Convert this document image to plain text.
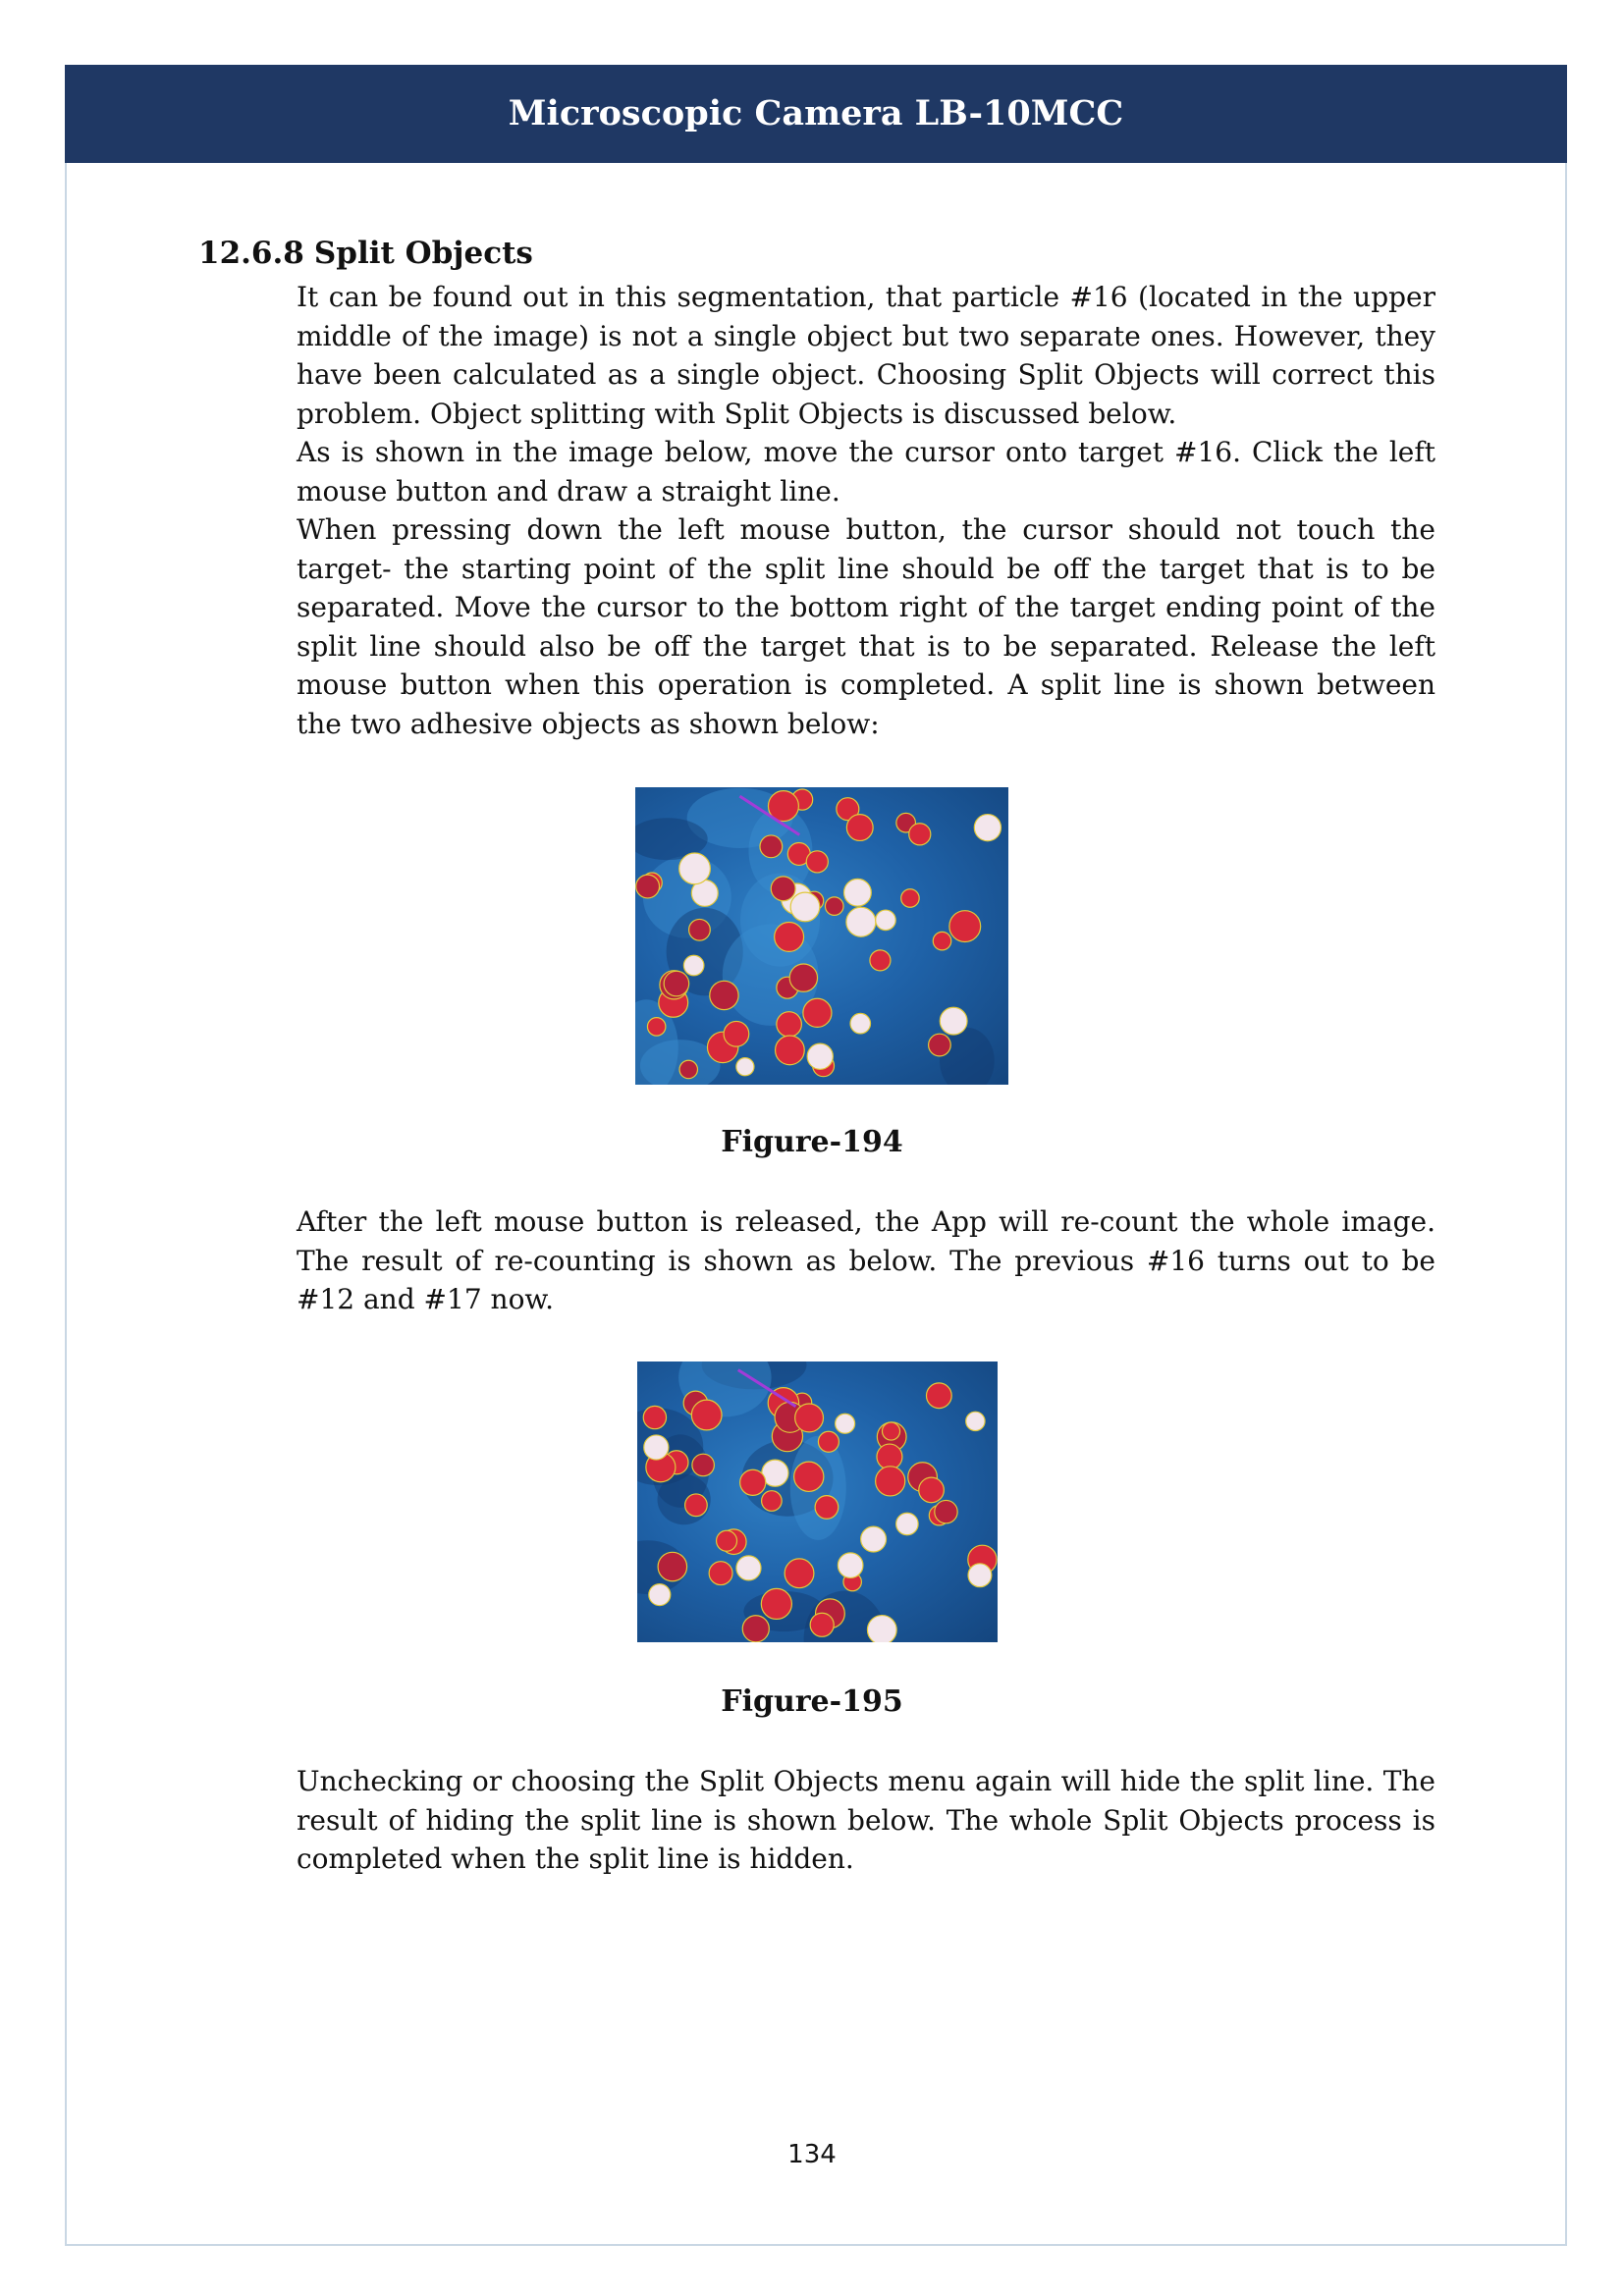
Microscopic Camera LB-10MCC
12.6.8 Split Objects

It can be found out in this segmentation, that particle #16 (located in the upper middle of the image) is not a single object but two separate ones. However, they have been calculated as a single object. Choosing Split Objects will correct this problem. Object splitting with Split Objects is discussed below.

As is shown in the image below, move the cursor onto target #16. Click the left mouse button and draw a straight line.

When pressing down the left mouse button, the cursor should not touch the target- the starting point of the split line should be off the target that is to be separated. Move the cursor to the bottom right of the target ending point of the split line should also be off the target that is to be separated. Release the left mouse button when this operation is completed. A split line is shown between the two adhesive objects as shown below:

Figure-194

After the left mouse button is released, the App will re-count the whole image. The result of re-counting is shown as below. The previous #16 turns out to be #12 and #17 now.

Figure-195

Unchecking or choosing the Split Objects menu again will hide the split line. The result of hiding the split line is shown below. The whole Split Objects process is completed when the split line is hidden.

134
